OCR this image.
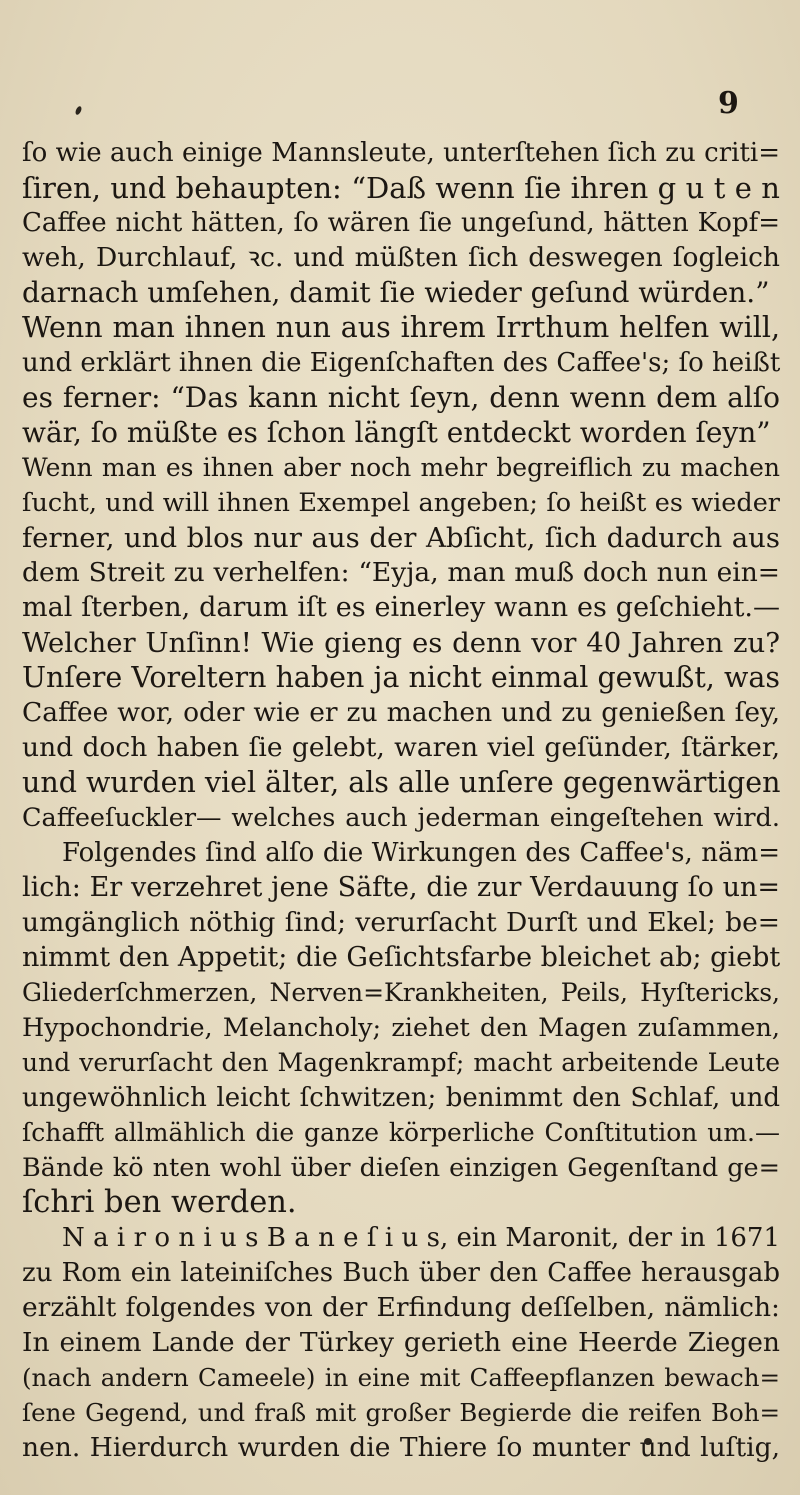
9
ſo wie auch einige Mannsleute, unterſtehen ſich zu criti=
ſiren, und behaupten: “Daß wenn ſie ihren g u t e n
Caffee nicht hätten, ſo wären ſie ungeſund, hätten Kopf=
weh, Durchlauf, ꝛc. und müßten ſich deswegen ſogleich
darnach umſehen, damit ſie wieder geſund würden.”
Wenn man ihnen nun aus ihrem Irrthum helfen will,
und erklärt ihnen die Eigenſchaften des Caffee's; ſo heißt
es ferner: “Das kann nicht ſeyn, denn wenn dem alſo
wär, ſo müßte es ſchon längſt entdeckt worden ſeyn”
Wenn man es ihnen aber noch mehr begreiflich zu machen
ſucht, und will ihnen Exempel angeben; ſo heißt es wieder
ferner, und blos nur aus der Abſicht, ſich dadurch aus
dem Streit zu verhelfen: “Eyja, man muß doch nun ein=
mal ſterben, darum iſt es einerley wann es geſchieht.—
Welcher Unſinn! Wie gieng es denn vor 40 Jahren zu?
Unſere Voreltern haben ja nicht einmal gewußt, was
Caffee wor, oder wie er zu machen und zu genießen ſey,
und doch haben ſie gelebt, waren viel geſünder, ſtärker,
und wurden viel älter, als alle unſere gegenwärtigen
Caffeeſuckler— welches auch jederman eingeſtehen wird.
Folgendes ſind alſo die Wirkungen des Caffee's, näm=
lich: Er verzehret jene Säfte, die zur Verdauung ſo un=
umgänglich nöthig ſind; verurſacht Durſt und Ekel; be=
nimmt den Appetit; die Geſichtsfarbe bleichet ab; giebt
Gliederſchmerzen, Nerven=Krankheiten, Peils, Hyſtericks,
Hypochondrie, Melancholy; ziehet den Magen zuſammen,
und verurſacht den Magenkrampf; macht arbeitende Leute
ungewöhnlich leicht ſchwitzen; benimmt den Schlaf, und
ſchafft allmählich die ganze körperliche Conſtitution um.—
Bände kö nten wohl über dieſen einzigen Gegenſtand ge=
ſchri ben werden.
N a i r o n i u s B a n e ſ i u s, ein Maronit, der in 1671
zu Rom ein lateiniſches Buch über den Caffee herausgab
erzählt folgendes von der Erfindung deſſelben, nämlich:
In einem Lande der Türkey gerieth eine Heerde Ziegen
(nach andern Cameele) in eine mit Caffeepflanzen bewach=
ſene Gegend, und fraß mit großer Begierde die reifen Boh=
nen. Hierdurch wurden die Thiere ſo munter und luſtig,
